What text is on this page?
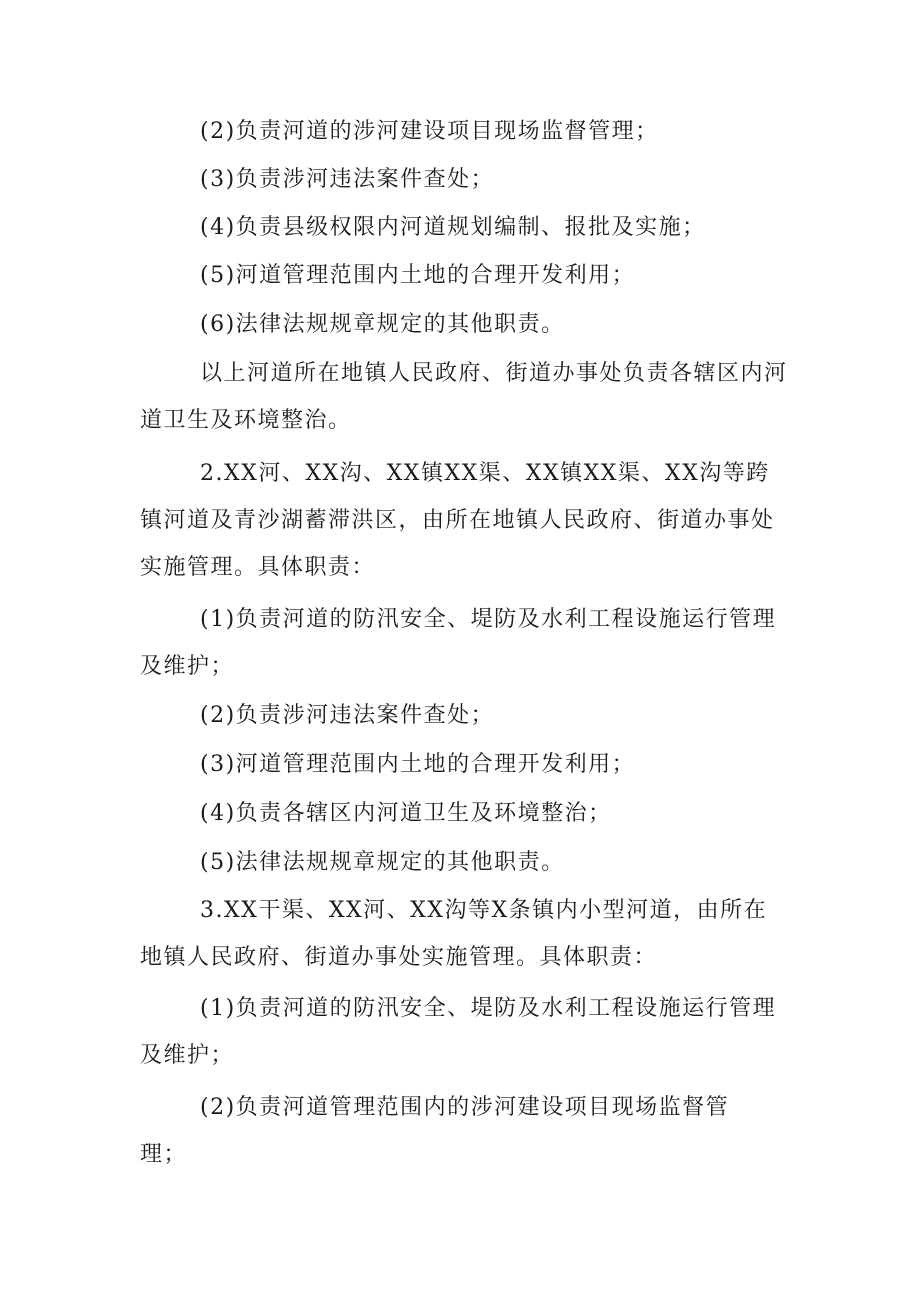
(2)负责河道的涉河建设项目现场监督管理；
(3)负责涉河违法案件查处；
(4)负责县级权限内河道规划编制、报批及实施；
(5)河道管理范围内土地的合理开发利用；
(6)法律法规规章规定的其他职责。
以上河道所在地镇人民政府、街道办事处负责各辖区内河道卫生及环境整治。
2.XX河、XX沟、XX镇XX渠、XX镇XX渠、XX沟等跨镇河道及青沙湖蓄滞洪区，由所在地镇人民政府、街道办事处实施管理。具体职责：
(1)负责河道的防汛安全、堤防及水利工程设施运行管理及维护；
(2)负责涉河违法案件查处；
(3)河道管理范围内土地的合理开发利用；
(4)负责各辖区内河道卫生及环境整治；
(5)法律法规规章规定的其他职责。
3.XX干渠、XX河、XX沟等X条镇内小型河道，由所在地镇人民政府、街道办事处实施管理。具体职责：
(1)负责河道的防汛安全、堤防及水利工程设施运行管理及维护；
(2)负责河道管理范围内的涉河建设项目现场监督管理；
